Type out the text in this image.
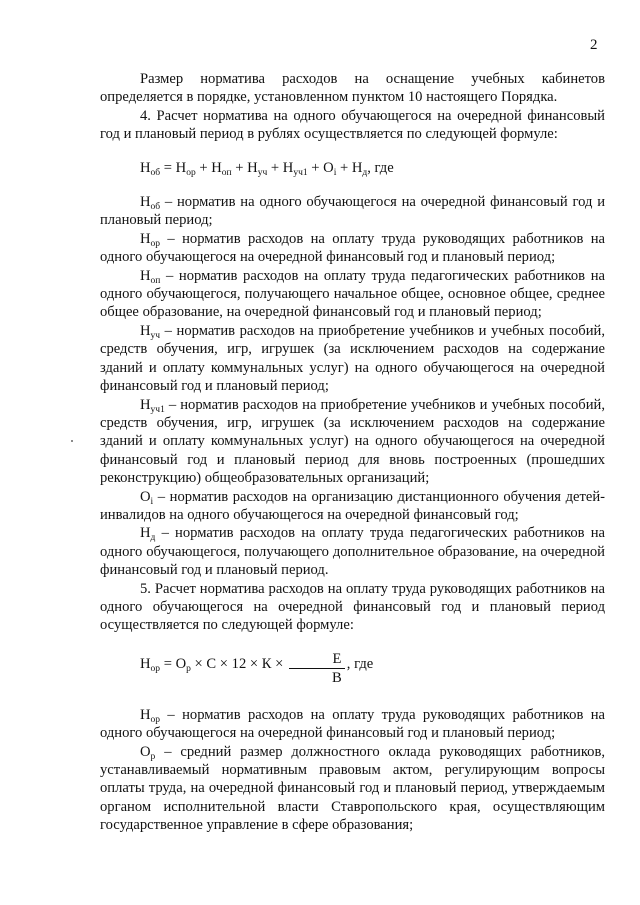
2

Размер норматива расходов на оснащение учебных кабинетов определяется в порядке, установленном пунктом 10 настоящего Порядка.

4. Расчет норматива на одного обучающегося на очередной финансовый год и плановый период в рублях осуществляется по следующей формуле:

$Н_{об} = Н_{ор} + Н_{оп} + Н_{уч} + Н_{уч1} + О_i + Н_д$, где

$Н_{об}$ – норматив на одного обучающегося на очередной финансовый год и плановый период;

$Н_{ор}$ – норматив расходов на оплату труда руководящих работников на одного обучающегося на очередной финансовый год и плановый период;

$Н_{оп}$ – норматив расходов на оплату труда педагогических работников на одного обучающегося, получающего начальное общее, основное общее, среднее общее образование, на очередной финансовый год и плановый период;

$Н_{уч}$ – норматив расходов на приобретение учебников и учебных пособий, средств обучения, игр, игрушек (за исключением расходов на содержание зданий и оплату коммунальных услуг) на одного обучающегося на очередной финансовый год и плановый период;

$Н_{уч1}$ – норматив расходов на приобретение учебников и учебных пособий, средств обучения, игр, игрушек (за исключением расходов на содержание зданий и оплату коммунальных услуг) на одного обучающегося на очередной финансовый год и плановый период для вновь построенных (прошедших реконструкцию) общеобразовательных организаций;

$О_i$ – норматив расходов на организацию дистанционного обучения детей-инвалидов на одного обучающегося на очередной финансовый год;

$Н_д$ – норматив расходов на оплату труда педагогических работников на одного обучающегося, получающего дополнительное образование, на очередной финансовый год и плановый период.

5. Расчет норматива расходов на оплату труда руководящих работников на одного обучающегося на очередной финансовый год и плановый период осуществляется по следующей формуле:

$Н_{ор} = О_р \times С \times 12 \times К \times \frac{Е}{В}$ , где

$Н_{ор}$ – норматив расходов на оплату труда руководящих работников на одного обучающегося на очередной финансовый год и плановый период;

$О_р$ – средний размер должностного оклада руководящих работников, устанавливаемый нормативным правовым актом, регулирующим вопросы оплаты труда, на очередной финансовый год и плановый период, утверждаемым органом исполнительной власти Ставропольского края, осуществляющим государственное управление в сфере образования;
